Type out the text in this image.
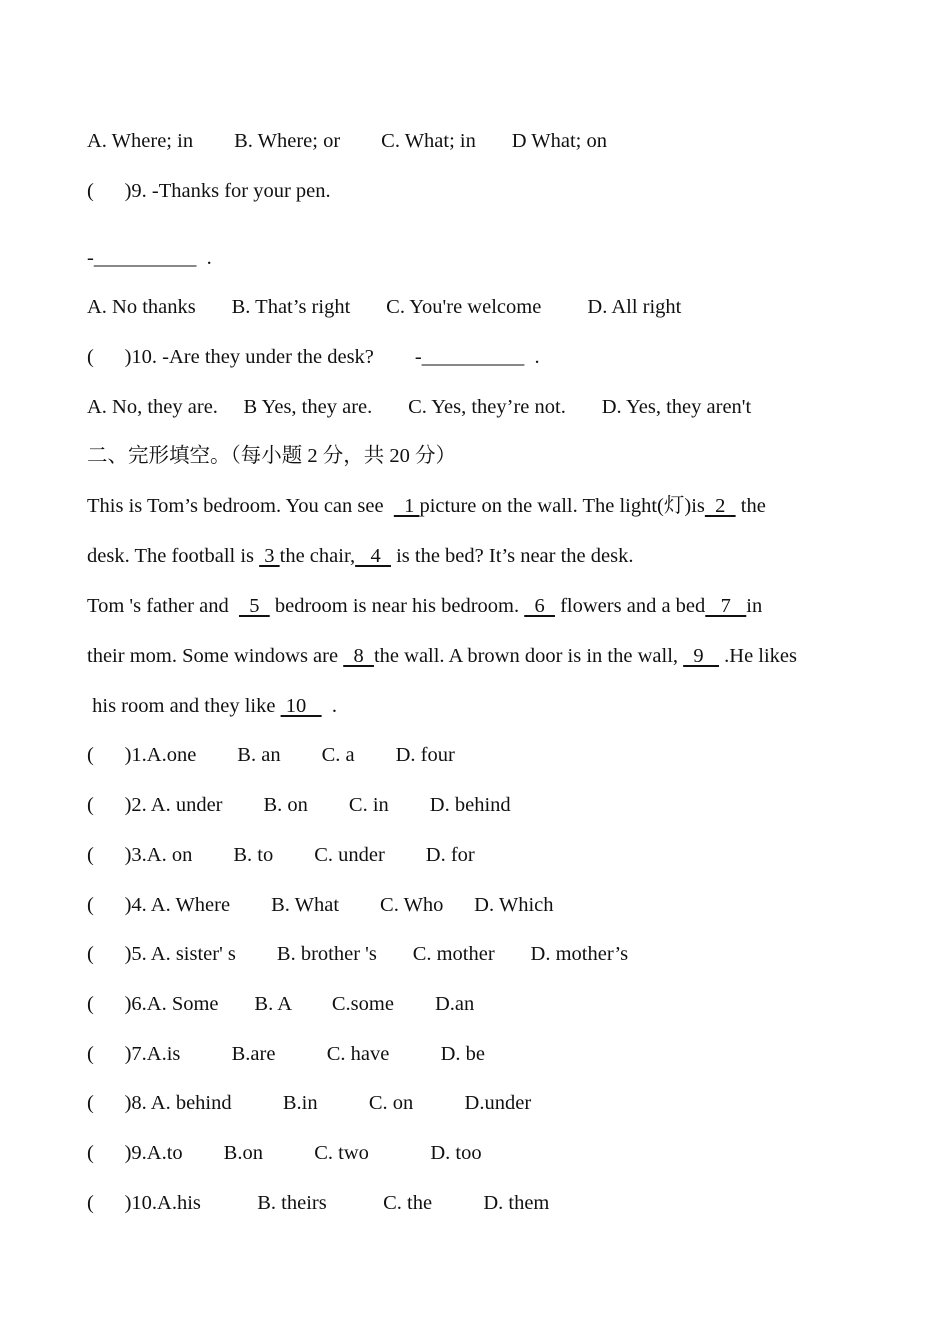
A. Where; in        B. Where; or        C. What; in       D What; on
(      )9. -Thanks for your pen.
-__________  .
A. No thanks       B. That’s right       C. You're welcome         D. All right
(      )10. -Are they under the desk?        -__________  .
A. No, they are.     B Yes, they are.       C. Yes, they’re not.       D. Yes, they aren't
二、完形填空。（每小题 2 分，共 20 分）
This is Tom’s bedroom. You can see    1 picture on the wall. The light(灯)is  2   the
desk. The football is  3 the chair,   4   is the bed? It’s near the desk.
Tom 's father and    5   bedroom is near his bedroom.   6   flowers and a bed   7   in
their mom. Some windows are   8  the wall. A brown door is in the wall,   9    .He likes
his room and they like  10     .
(      )1.A.one        B. an        C. a        D. four
(      )2. A. under        B. on        C. in        D. behind
(      )3.A. on        B. to        C. under        D. for
(      )4. A. Where        B. What        C. Who      D. Which
(      )5. A. sister' s        B. brother 's       C. mother       D. mother’s
(      )6.A. Some       B. A        C.some        D.an
(      )7.A.is          B.are          C. have          D. be
(      )8. A. behind          B.in          C. on          D.under
(      )9.A.to        B.on          C. two            D. too
(      )10.A.his           B. theirs           C. the          D. them
